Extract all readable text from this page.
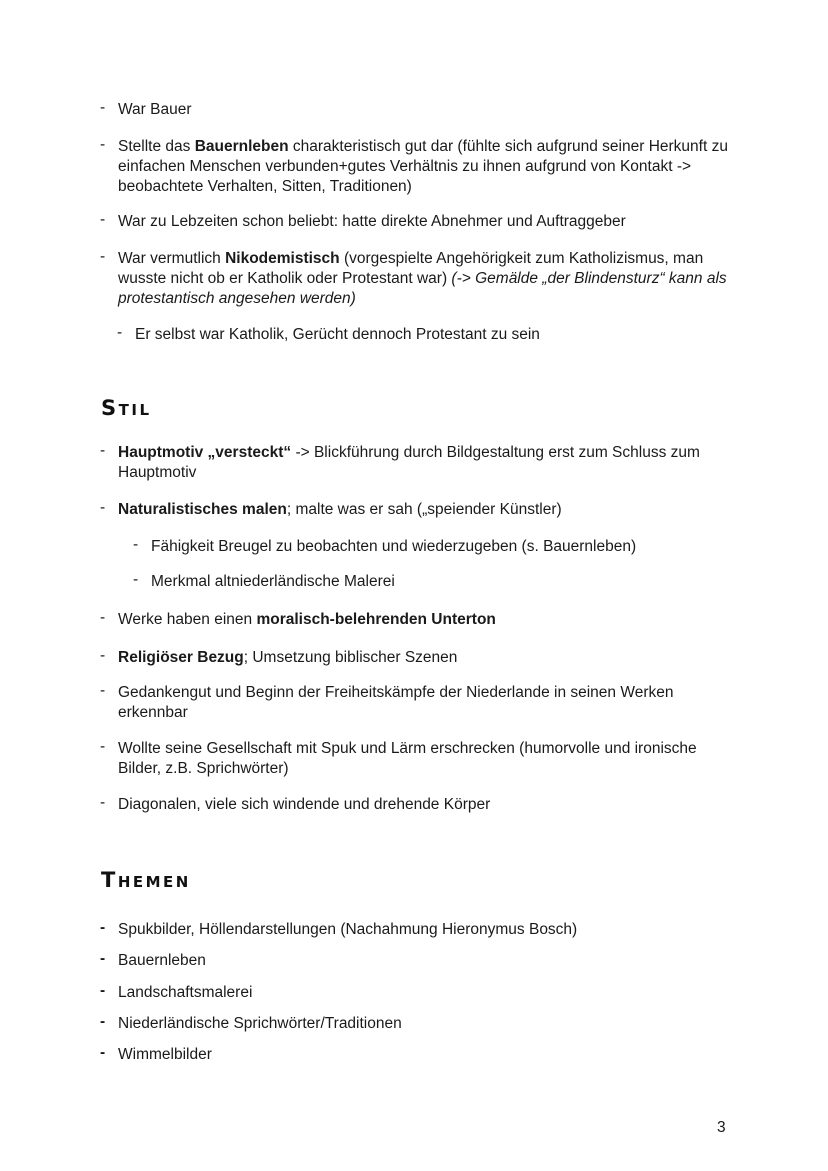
- War Bauer
- Stellte das Bauernleben charakteristisch gut dar (fühlte sich aufgrund seiner Herkunft zu einfachen Menschen verbunden+gutes Verhältnis zu ihnen aufgrund von Kontakt -> beobachtete Verhalten, Sitten, Traditionen)
- War zu Lebzeiten schon beliebt: hatte direkte Abnehmer und Auftraggeber
- War vermutlich Nikodemistisch (vorgespielte Angehörigkeit zum Katholizismus, man wusste nicht ob er Katholik oder Protestant war) (-> Gemälde „der Blindensturz“ kann als protestantisch angesehen werden)
- Er selbst war Katholik, Gerücht dennoch Protestant zu sein
Stil
- Hauptmotiv „versteckt“ -> Blickführung durch Bildgestaltung erst zum Schluss zum Hauptmotiv
- Naturalistisches malen; malte was er sah („speiender Künstler)
- Fähigkeit Breugel zu beobachten und wiederzugeben (s. Bauernleben)
- Merkmal altniederländische Malerei
- Werke haben einen moralisch-belehrenden Unterton
- Religiöser Bezug; Umsetzung biblischer Szenen
- Gedankengut und Beginn der Freiheitskämpfe der Niederlande in seinen Werken erkennbar
- Wollte seine Gesellschaft mit Spuk und Lärm erschrecken (humorvolle und ironische Bilder, z.B. Sprichwörter)
- Diagonalen, viele sich windende und drehende Körper
Themen
- Spukbilder, Höllendarstellungen (Nachahmung Hieronymus Bosch)
- Bauernleben
- Landschaftsmalerei
- Niederländische Sprichwörter/Traditionen
- Wimmelbilder
3
